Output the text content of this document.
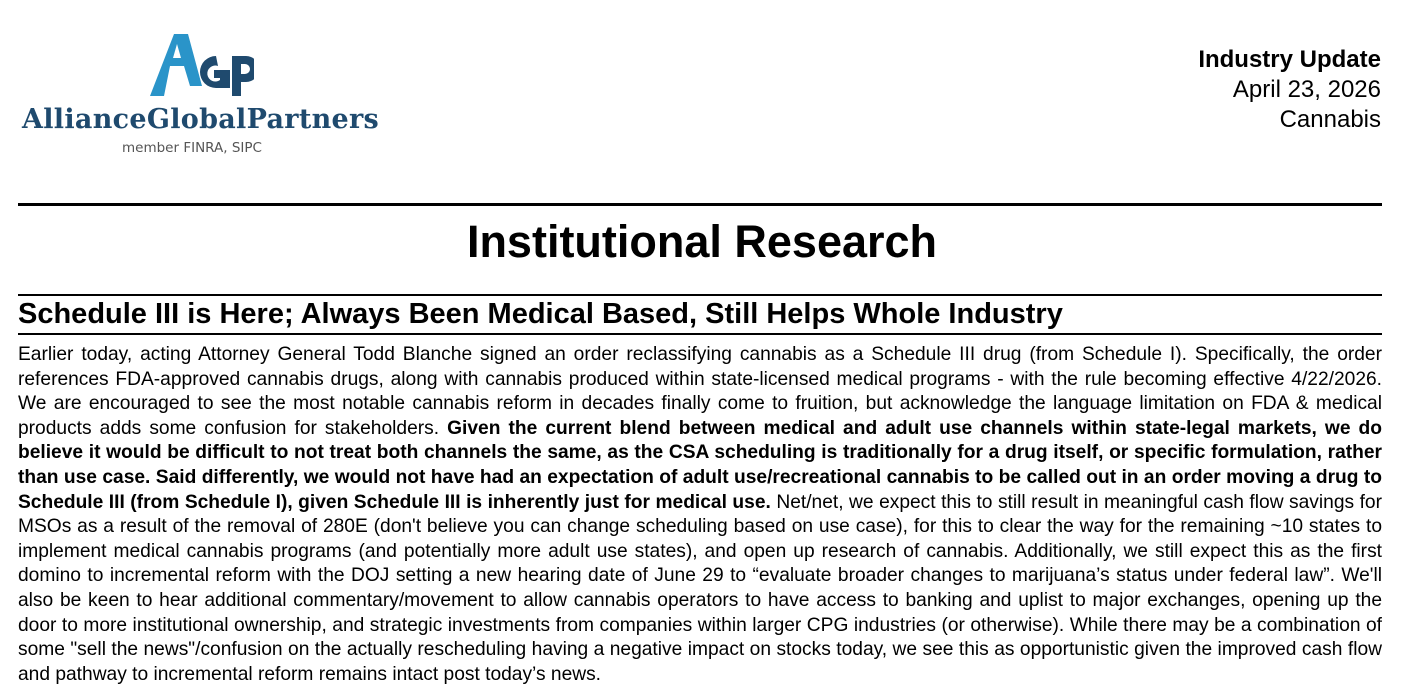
AllianceGlobalPartners
member FINRA, SIPC
Industry Update
April 23, 2026
Cannabis
Institutional Research
Schedule III is Here; Always Been Medical Based, Still Helps Whole Industry
Earlier today, acting Attorney General Todd Blanche signed an order reclassifying cannabis as a Schedule III drug (from Schedule I). Specifically, the order references FDA-approved cannabis drugs, along with cannabis produced within state-licensed medical programs - with the rule becoming effective 4/22/2026. We are encouraged to see the most notable cannabis reform in decades finally come to fruition, but acknowledge the language limitation on FDA & medical products adds some confusion for stakeholders. Given the current blend between medical and adult use channels within state-legal markets, we do believe it would be difficult to not treat both channels the same, as the CSA scheduling is traditionally for a drug itself, or specific formulation, rather than use case. Said differently, we would not have had an expectation of adult use/recreational cannabis to be called out in an order moving a drug to Schedule III (from Schedule I), given Schedule III is inherently just for medical use. Net/net, we expect this to still result in meaningful cash flow savings for MSOs as a result of the removal of 280E (don't believe you can change scheduling based on use case), for this to clear the way for the remaining ~10 states to implement medical cannabis programs (and potentially more adult use states), and open up research of cannabis. Additionally, we still expect this as the first domino to incremental reform with the DOJ setting a new hearing date of June 29 to “evaluate broader changes to marijuana’s status under federal law”. We'll also be keen to hear additional commentary/movement to allow cannabis operators to have access to banking and uplist to major exchanges, opening up the door to more institutional ownership, and strategic investments from companies within larger CPG industries (or otherwise). While there may be a combination of some "sell the news"/confusion on the actually rescheduling having a negative impact on stocks today, we see this as opportunistic given the improved cash flow and pathway to incremental reform remains intact post today’s news.
